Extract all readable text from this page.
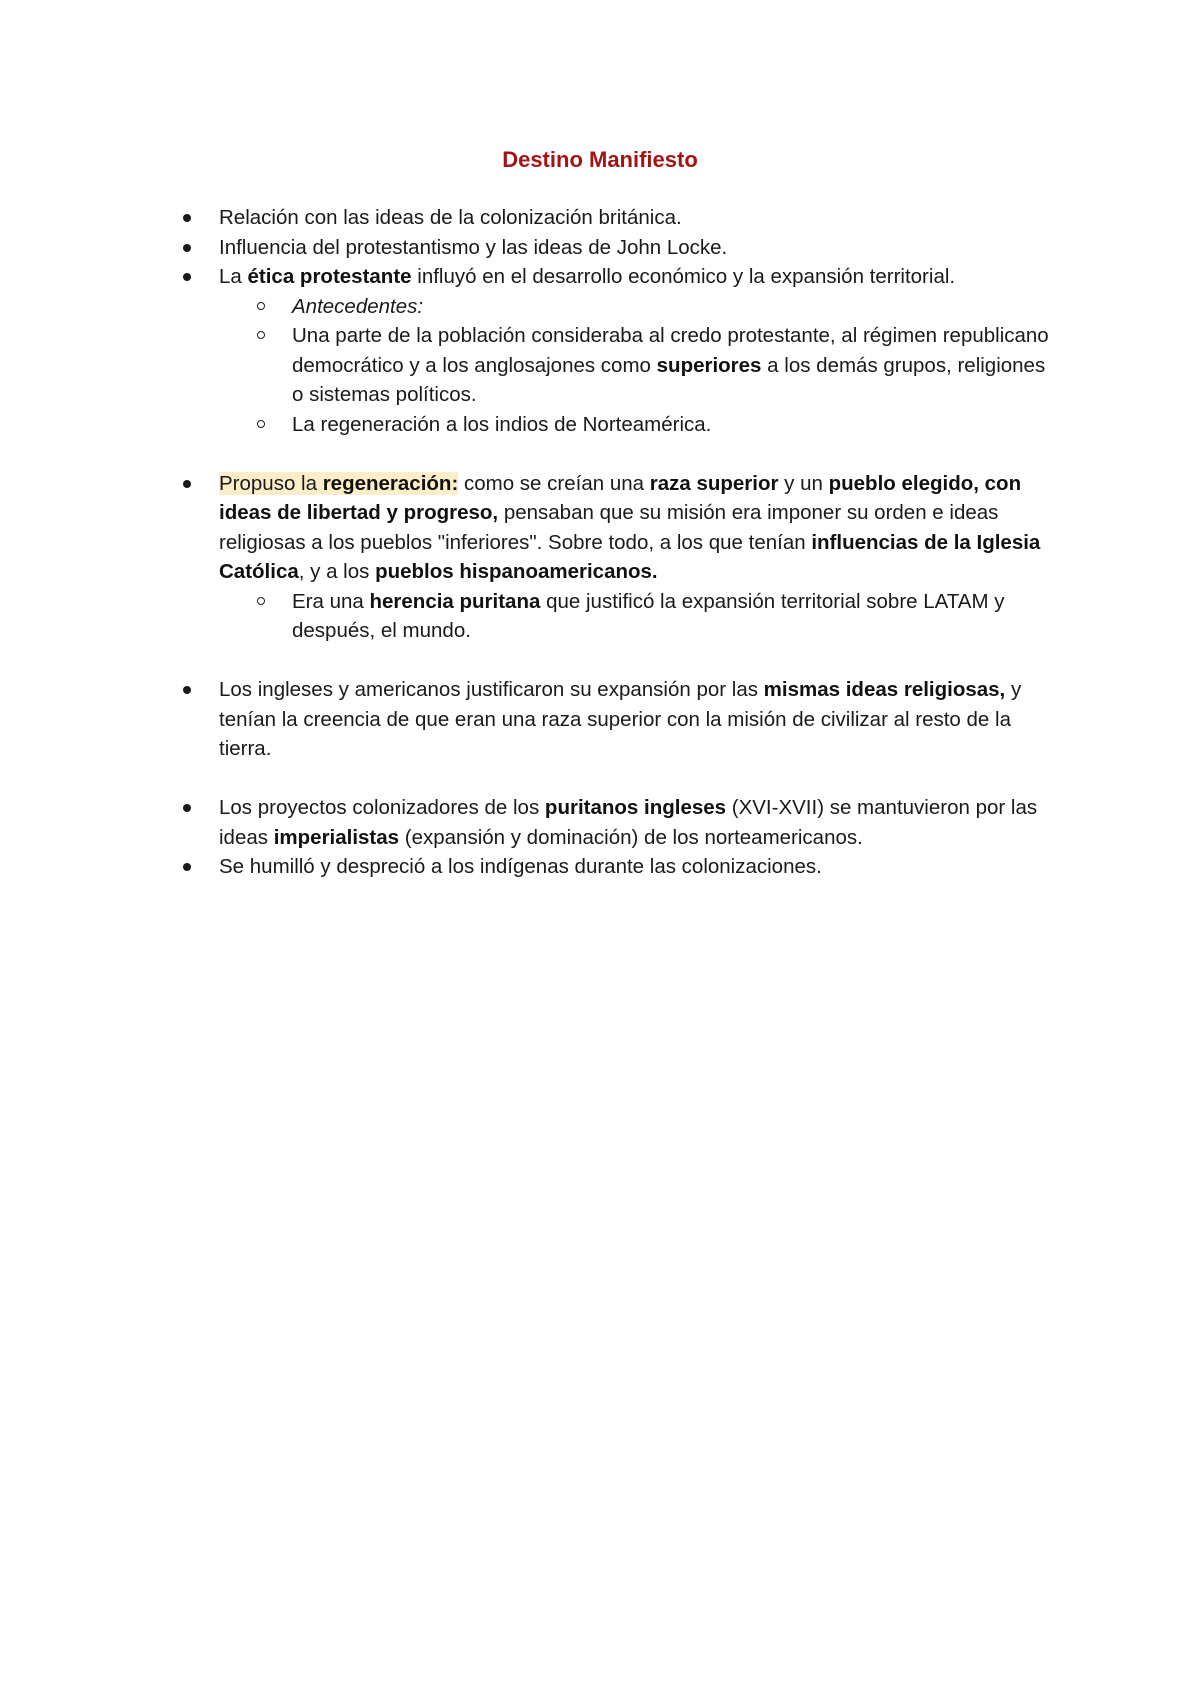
Destino Manifiesto

Relación con las ideas de la colonización británica.

Influencia del protestantismo y las ideas de John Locke.

La ética protestante influyó en el desarrollo económico y la expansión territorial.

Antecedentes:

Una parte de la población consideraba al credo protestante, al régimen republicano democrático y a los anglosajones como superiores a los demás grupos, religiones o sistemas políticos.

La regeneración a los indios de Norteamérica.

Propuso la regeneración: como se creían una raza superior y un pueblo elegido, con ideas de libertad y progreso, pensaban que su misión era imponer su orden e ideas religiosas a los pueblos "inferiores". Sobre todo, a los que tenían influencias de la Iglesia Católica, y a los pueblos hispanoamericanos.

Era una herencia puritana que justificó la expansión territorial sobre LATAM y después, el mundo.

Los ingleses y americanos justificaron su expansión por las mismas ideas religiosas, y tenían la creencia de que eran una raza superior con la misión de civilizar al resto de la tierra.

Los proyectos colonizadores de los puritanos ingleses (XVI-XVII) se mantuvieron por las ideas imperialistas (expansión y dominación) de los norteamericanos.

Se humilló y despreció a los indígenas durante las colonizaciones.
